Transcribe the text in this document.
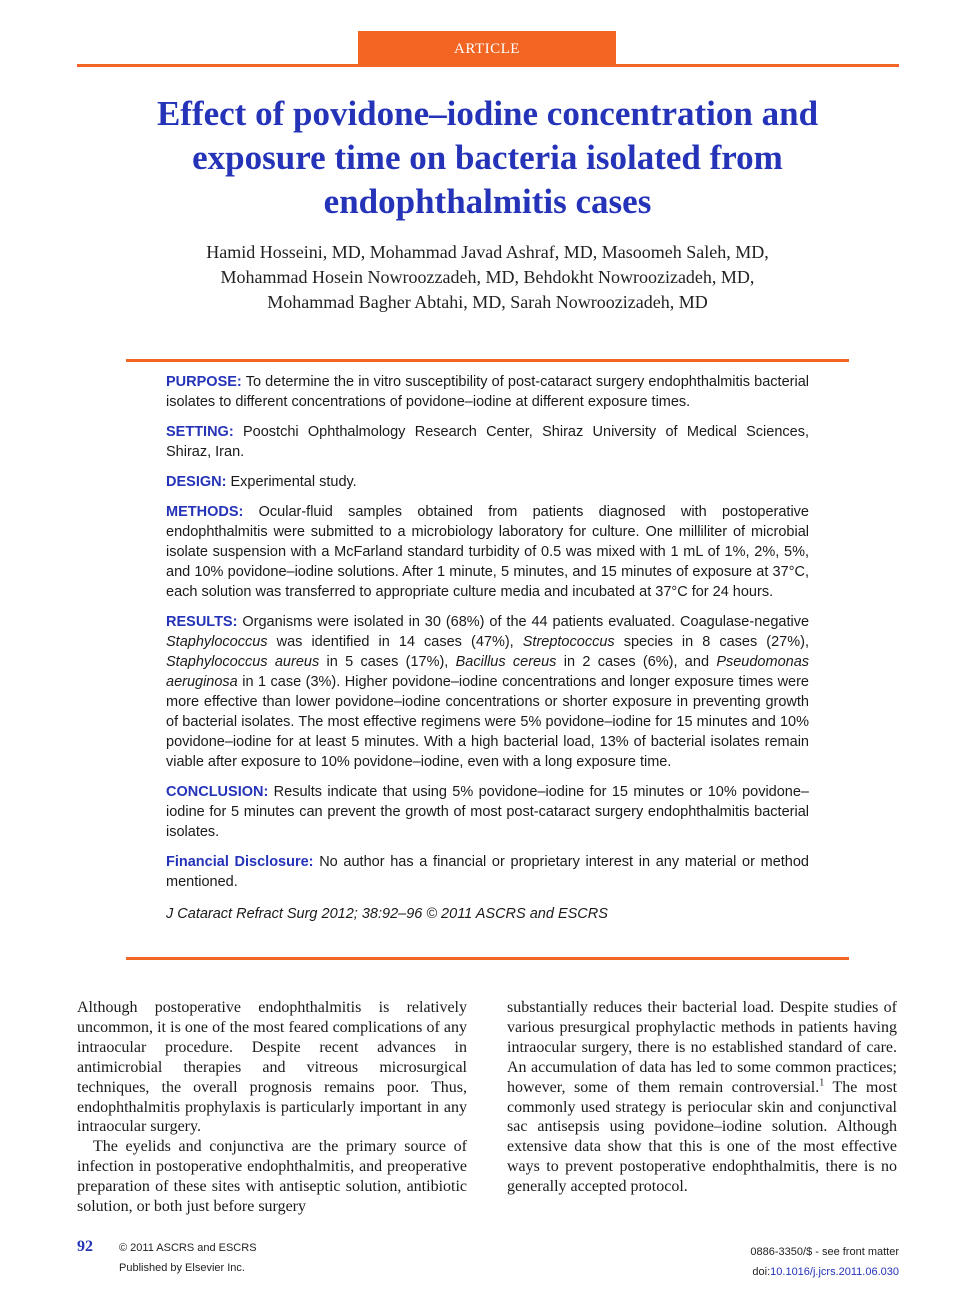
ARTICLE
Effect of povidone–iodine concentration and exposure time on bacteria isolated from endophthalmitis cases
Hamid Hosseini, MD, Mohammad Javad Ashraf, MD, Masoomeh Saleh, MD,
Mohammad Hosein Nowroozzadeh, MD, Behdokht Nowroozizadeh, MD,
Mohammad Bagher Abtahi, MD, Sarah Nowroozizadeh, MD

PURPOSE: To determine the in vitro susceptibility of post-cataract surgery endophthalmitis bacterial isolates to different concentrations of povidone–iodine at different exposure times.

SETTING: Poostchi Ophthalmology Research Center, Shiraz University of Medical Sciences, Shiraz, Iran.

DESIGN: Experimental study.

METHODS: Ocular-fluid samples obtained from patients diagnosed with postoperative endophthalmitis were submitted to a microbiology laboratory for culture. One milliliter of microbial isolate suspension with a McFarland standard turbidity of 0.5 was mixed with 1 mL of 1%, 2%, 5%, and 10% povidone–iodine solutions. After 1 minute, 5 minutes, and 15 minutes of exposure at 37°C, each solution was transferred to appropriate culture media and incubated at 37°C for 24 hours.

RESULTS: Organisms were isolated in 30 (68%) of the 44 patients evaluated. Coagulase-negative Staphylococcus was identified in 14 cases (47%), Streptococcus species in 8 cases (27%), Staphylococcus aureus in 5 cases (17%), Bacillus cereus in 2 cases (6%), and Pseudomonas aeruginosa in 1 case (3%). Higher povidone–iodine concentrations and longer exposure times were more effective than lower povidone–iodine concentrations or shorter exposure in preventing growth of bacterial isolates. The most effective regimens were 5% povidone–iodine for 15 minutes and 10% povidone–iodine for at least 5 minutes. With a high bacterial load, 13% of bacterial isolates remain viable after exposure to 10% povidone–iodine, even with a long exposure time.

CONCLUSION: Results indicate that using 5% povidone–iodine for 15 minutes or 10% povidone–iodine for 5 minutes can prevent the growth of most post-cataract surgery endophthalmitis bacterial isolates.

Financial Disclosure: No author has a financial or proprietary interest in any material or method mentioned.

J Cataract Refract Surg 2012; 38:92–96 © 2011 ASCRS and ESCRS

Although postoperative endophthalmitis is relatively uncommon, it is one of the most feared complications of any intraocular procedure. Despite recent advances in antimicrobial therapies and vitreous microsurgical techniques, the overall prognosis remains poor. Thus, endophthalmitis prophylaxis is particularly important in any intraocular surgery.

The eyelids and conjunctiva are the primary source of infection in postoperative endophthalmitis, and preoperative preparation of these sites with antiseptic solution, antibiotic solution, or both just before surgery

substantially reduces their bacterial load. Despite studies of various presurgical prophylactic methods in patients having intraocular surgery, there is no established standard of care. An accumulation of data has led to some common practices; however, some of them remain controversial.$^1$ The most commonly used strategy is periocular skin and conjunctival sac antisepsis using povidone–iodine solution. Although extensive data show that this is one of the most effective ways to prevent postoperative endophthalmitis, there is no generally accepted protocol.

92 © 2011 ASCRS and ESCRS
Published by Elsevier Inc.
0886-3350/$ - see front matter
doi:10.1016/j.jcrs.2011.06.030
